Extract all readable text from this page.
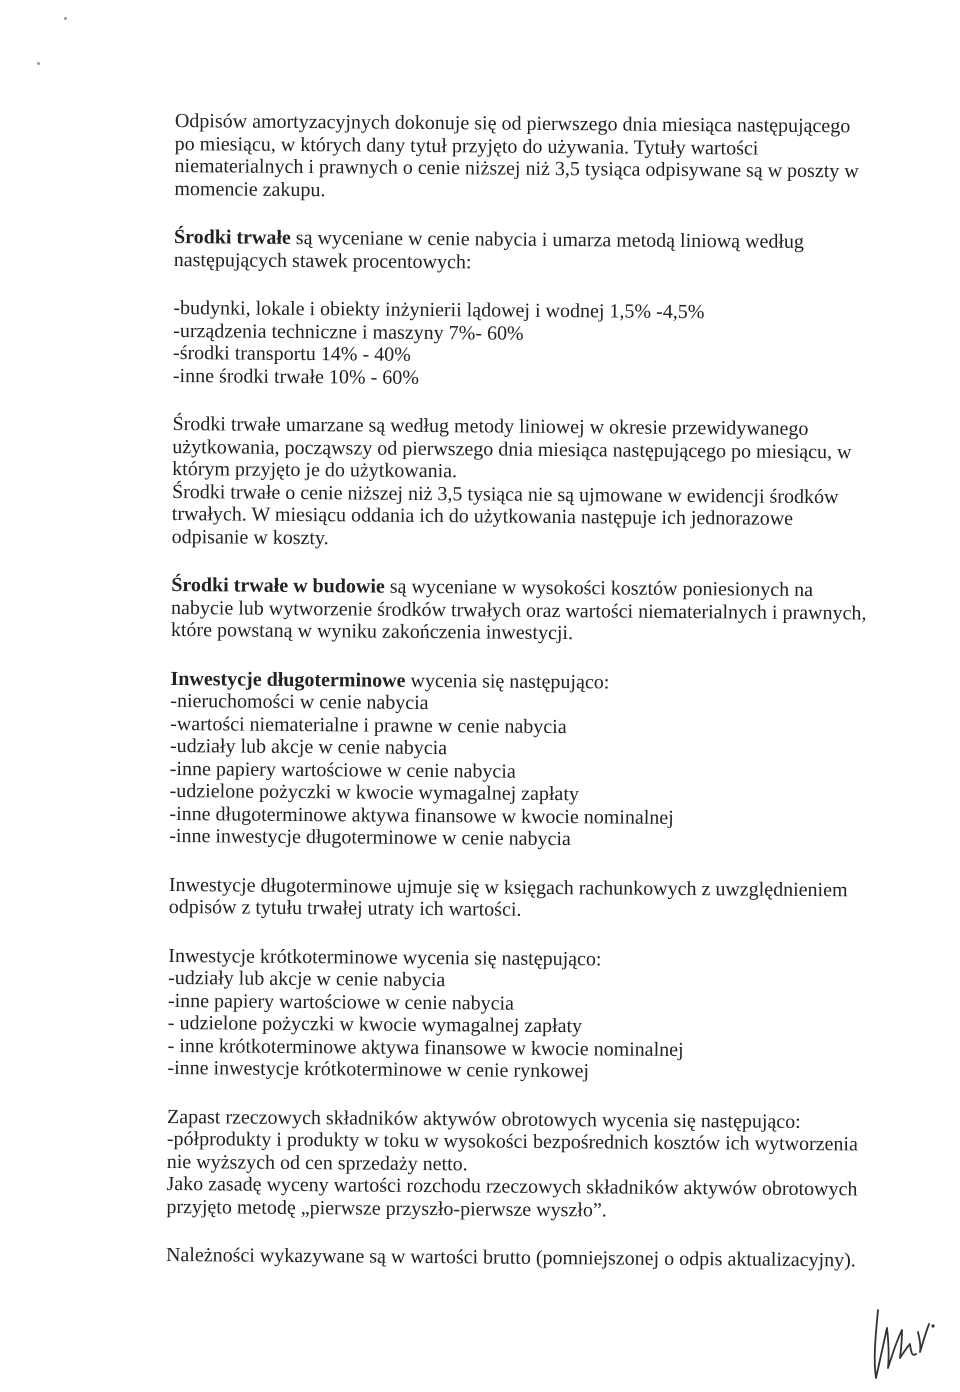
Odpisów amortyzacyjnych dokonuje się od pierwszego dnia miesiąca następującego
po miesiącu, w których dany tytuł przyjęto do używania. Tytuły wartości
niematerialnych i prawnych o cenie niższej niż 3,5 tysiąca odpisywane są w poszty w
momencie zakupu.
Środki trwałe są wyceniane w cenie nabycia i umarza metodą liniową według
następujących stawek procentowych:
-budynki, lokale i obiekty inżynierii lądowej i wodnej 1,5% -4,5%
-urządzenia techniczne i maszyny 7%- 60%
-środki transportu 14% - 40%
-inne środki trwałe 10% - 60%
Środki trwałe umarzane są według metody liniowej w okresie przewidywanego
użytkowania, począwszy od pierwszego dnia miesiąca następującego po miesiącu, w
którym przyjęto je do użytkowania.
Środki trwałe o cenie niższej niż 3,5 tysiąca nie są ujmowane w ewidencji środków
trwałych. W miesiącu oddania ich do użytkowania następuje ich jednorazowe
odpisanie w koszty.
Środki trwałe w budowie są wyceniane w wysokości kosztów poniesionych na
nabycie lub wytworzenie środków trwałych oraz wartości niematerialnych i prawnych,
które powstaną w wyniku zakończenia inwestycji.
Inwestycje długoterminowe wycenia się następująco:
-nieruchomości w cenie nabycia
-wartości niematerialne i prawne w cenie nabycia
-udziały lub akcje w cenie nabycia
-inne papiery wartościowe w cenie nabycia
-udzielone pożyczki w kwocie wymagalnej zapłaty
-inne długoterminowe aktywa finansowe w kwocie nominalnej
-inne inwestycje długoterminowe w cenie nabycia
Inwestycje długoterminowe ujmuje się w księgach rachunkowych z uwzględnieniem
odpisów z tytułu trwałej utraty ich wartości.
Inwestycje krótkoterminowe wycenia się następująco:
-udziały lub akcje w cenie nabycia
-inne papiery wartościowe w cenie nabycia
- udzielone pożyczki w kwocie wymagalnej zapłaty
- inne krótkoterminowe aktywa finansowe w kwocie nominalnej
-inne inwestycje krótkoterminowe w cenie rynkowej
Zapast rzeczowych składników aktywów obrotowych wycenia się następująco:
-półprodukty i produkty w toku w wysokości bezpośrednich kosztów ich wytworzenia
nie wyższych od cen sprzedaży netto.
Jako zasadę wyceny wartości rozchodu rzeczowych składników aktywów obrotowych
przyjęto metodę „pierwsze przyszło-pierwsze wyszło”.
Należności wykazywane są w wartości brutto (pomniejszonej o odpis aktualizacyjny).
